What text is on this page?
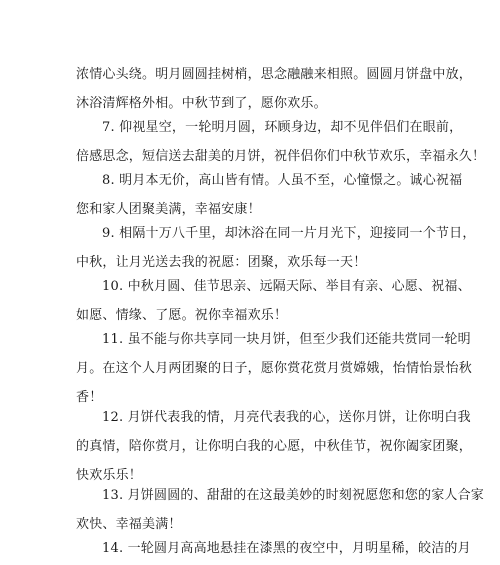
浓情心头绕。明月圆圆挂树梢，思念融融来相照。圆圆月饼盘中放，
沐浴清辉格外相。中秋节到了，愿你欢乐。

7. 仰视星空，一轮明月圆，环顾身边，却不见伴侣们在眼前，
倍感思念，短信送去甜美的月饼，祝伴侣你们中秋节欢乐，幸福永久！

8. 明月本无价，高山皆有情。人虽不至，心憧憬之。诚心祝福
您和家人团聚美满，幸福安康！

9. 相隔十万八千里，却沐浴在同一片月光下，迎接同一个节日，
中秋，让月光送去我的祝愿：团聚，欢乐每一天！

10. 中秋月圆、佳节思亲、远隔天际、举目有亲、心愿、祝福、
如愿、情缘、了愿。祝你幸福欢乐！

11. 虽不能与你共享同一块月饼，但至少我们还能共赏同一轮明
月。在这个人月两团聚的日子，愿你赏花赏月赏嫦娥，怡情怡景怡秋
香！

12. 月饼代表我的情，月亮代表我的心，送你月饼，让你明白我
的真情，陪你赏月，让你明白我的心愿，中秋佳节，祝你阖家团聚，
快欢乐乐！

13. 月饼圆圆的、甜甜的在这最美妙的时刻祝愿您和您的家人合家
欢快、幸福美满！

14. 一轮圆月高高地悬挂在漆黑的夜空中，月明星稀，皎洁的月
